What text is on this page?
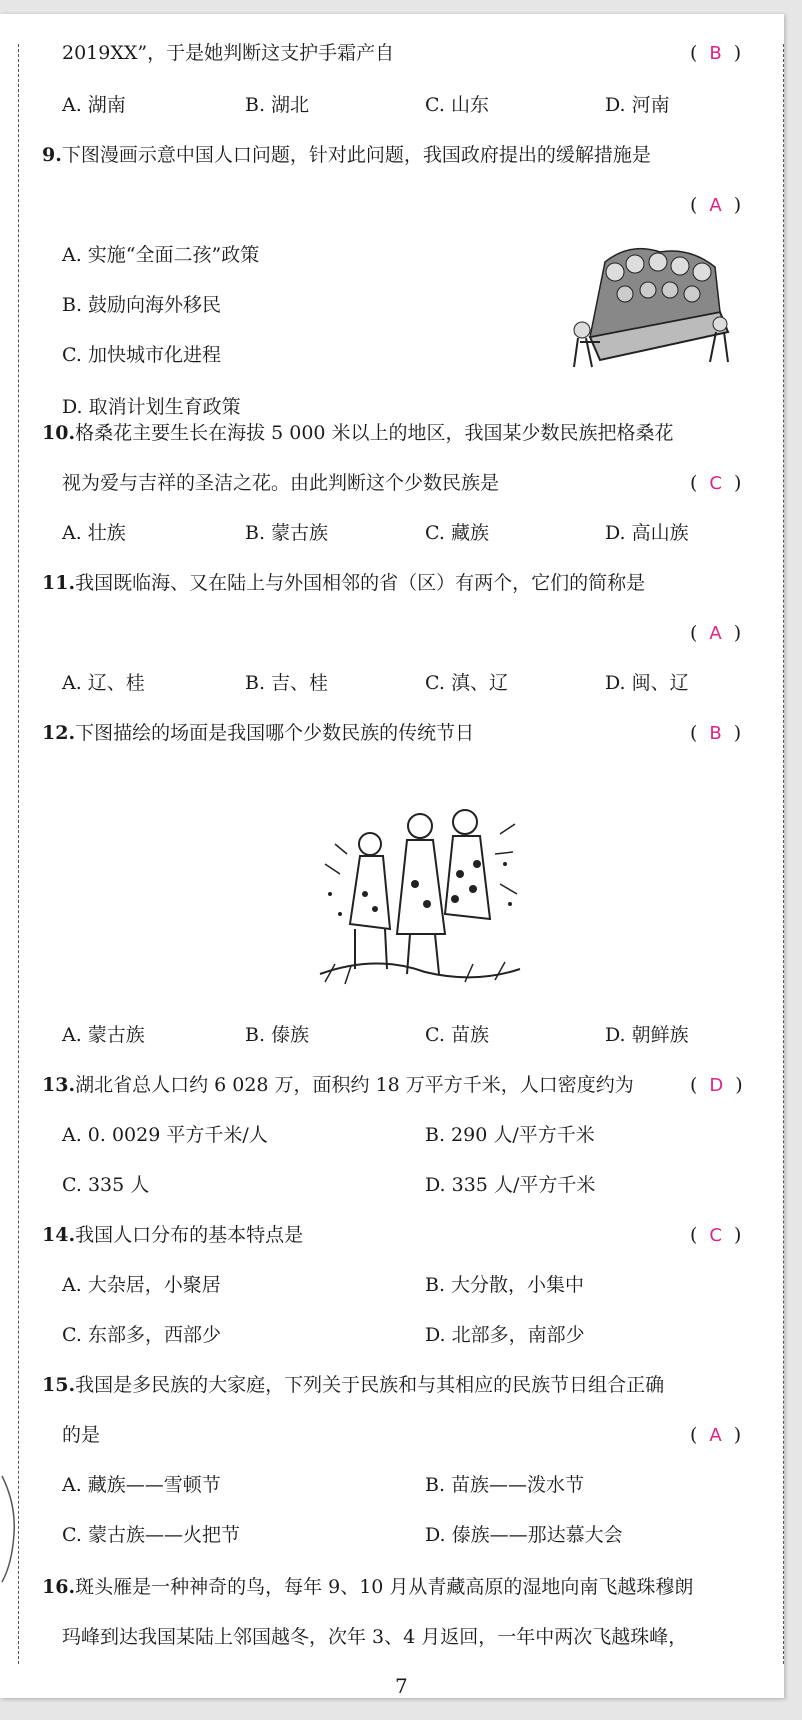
2019XX”，于是她判断这支护手霜产自	( B )
A. 湖南	B. 湖北	C. 山东	D. 河南
9.下图漫画示意中国人口问题，针对此问题，我国政府提出的缓解措施是
( A )
A. 实施“全面二孩”政策
B. 鼓励向海外移民
C. 加快城市化进程
D. 取消计划生育政策
10.格桑花主要生长在海拔 5 000 米以上的地区，我国某少数民族把格桑花
视为爱与吉祥的圣洁之花。由此判断这个少数民族是	( C )
A. 壮族	B. 蒙古族	C. 藏族	D. 高山族
11.我国既临海、又在陆上与外国相邻的省（区）有两个，它们的简称是
( A )
A. 辽、桂	B. 吉、桂	C. 滇、辽	D. 闽、辽
12.下图描绘的场面是我国哪个少数民族的传统节日	( B )
A. 蒙古族	B. 傣族	C. 苗族	D. 朝鲜族
13.湖北省总人口约 6 028 万，面积约 18 万平方千米，人口密度约为	( D )
A. 0. 0029 平方千米/人	B. 290 人/平方千米
C. 335 人	D. 335 人/平方千米
14.我国人口分布的基本特点是	( C )
A. 大杂居，小聚居	B. 大分散，小集中
C. 东部多，西部少	D. 北部多，南部少
15.我国是多民族的大家庭，下列关于民族和与其相应的民族节日组合正确
的是	( A )
A. 藏族——雪顿节	B. 苗族——泼水节
C. 蒙古族——火把节	D. 傣族——那达慕大会
16.斑头雁是一种神奇的鸟，每年 9、10 月从青藏高原的湿地向南飞越珠穆朗
玛峰到达我国某陆上邻国越冬，次年 3、4 月返回，一年中两次飞越珠峰，
7
